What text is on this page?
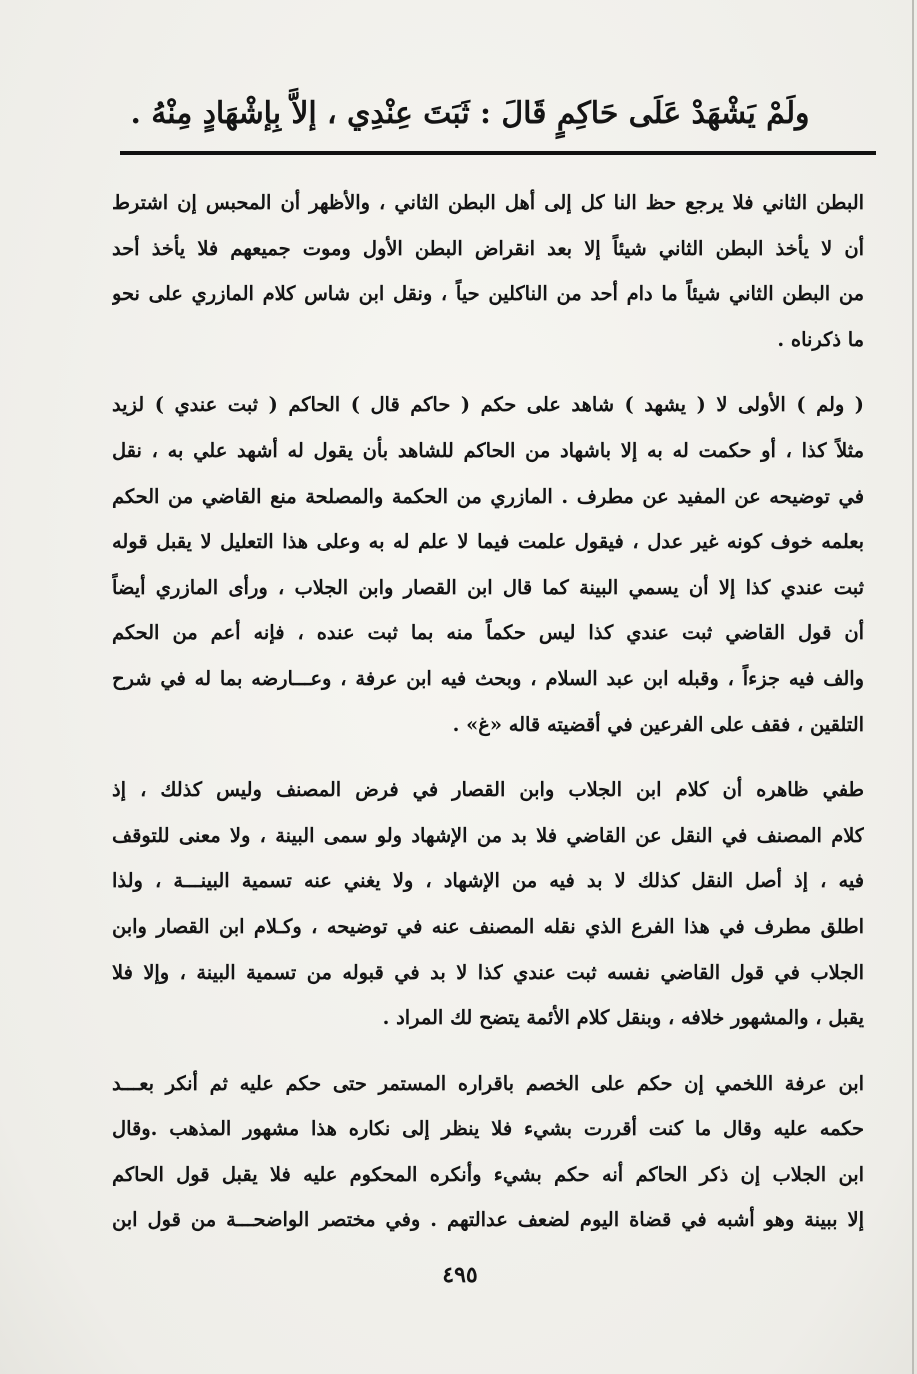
ولَمْ يَشْهَدْ عَلَى حَاكِمٍ قَالَ : ثَبَتَ عِنْدِي ، إلاَّ بِإشْهَادٍ مِنْهُ .
البطن الثاني فلا يرجع حظ النا كل إلى أهل البطن الثاني ، والأظهر أن المحبس إن اشترط
أن لا يأخذ البطن الثاني شيئاً إلا بعد انقراض البطن الأول وموت جميعهم فلا يأخذ أحد
من البطن الثاني شيئاً ما دام أحد من الناكلين حياً ، ونقل ابن شاس كلام المازري على نحو
ما ذكرناه .
( ولم ) الأولى لا ( يشهد ) شاهد على حكم ( حاكم قال ) الحاكم ( ثبت عندي ) لزيد
مثلاً كذا ، أو حكمت له به إلا باشهاد من الحاكم للشاهد بأن يقول له أشهد علي به ، نقل
في توضيحه عن المفيد عن مطرف . المازري من الحكمة والمصلحة منع القاضي من الحكم
بعلمه خوف كونه غير عدل ، فيقول علمت فيما لا علم له به وعلى هذا التعليل لا يقبل قوله
ثبت عندي كذا إلا أن يسمي البينة كما قال ابن القصار وابن الجلاب ، ورأى المازري أيضاً
أن قول القاضي ثبت عندي كذا ليس حكماً منه بما ثبت عنده ، فإنه أعم من الحكم
والف فيه جزءاً ، وقبله ابن عبد السلام ، وبحث فيه ابن عرفة ، وعـــارضه بما له في شرح
التلقين ، فقف على الفرعين في أقضيته قاله «غ» .
طفي ظاهره أن كلام ابن الجلاب وابن القصار في فرض المصنف وليس كذلك ، إذ
كلام المصنف في النقل عن القاضي فلا بد من الإشهاد ولو سمى البينة ، ولا معنى للتوقف
فيه ، إذ أصل النقل كذلك لا بد فيه من الإشهاد ، ولا يغني عنه تسمية البينـــة ، ولذا
اطلق مطرف في هذا الفرع الذي نقله المصنف عنه في توضيحه ، وكـلام ابن القصار وابن
الجلاب في قول القاضي نفسه ثبت عندي كذا لا بد في قبوله من تسمية البينة ، وإلا فلا
يقبل ، والمشهور خلافه ، وبنقل كلام الأئمة يتضح لك المراد .
ابن عرفة اللخمي إن حكم على الخصم باقراره المستمر حتى حكم عليه ثم أنكر بعـــد
حكمه عليه وقال ما كنت أقررت بشيء فلا ينظر إلى نكاره هذا مشهور المذهب .وقال
ابن الجلاب إن ذكر الحاكم أنه حكم بشيء وأنكره المحكوم عليه فلا يقبل قول الحاكم
إلا ببينة وهو أشبه في قضاة اليوم لضعف عدالتهم . وفي مختصر الواضحـــة من قول ابن
٤٩٥
